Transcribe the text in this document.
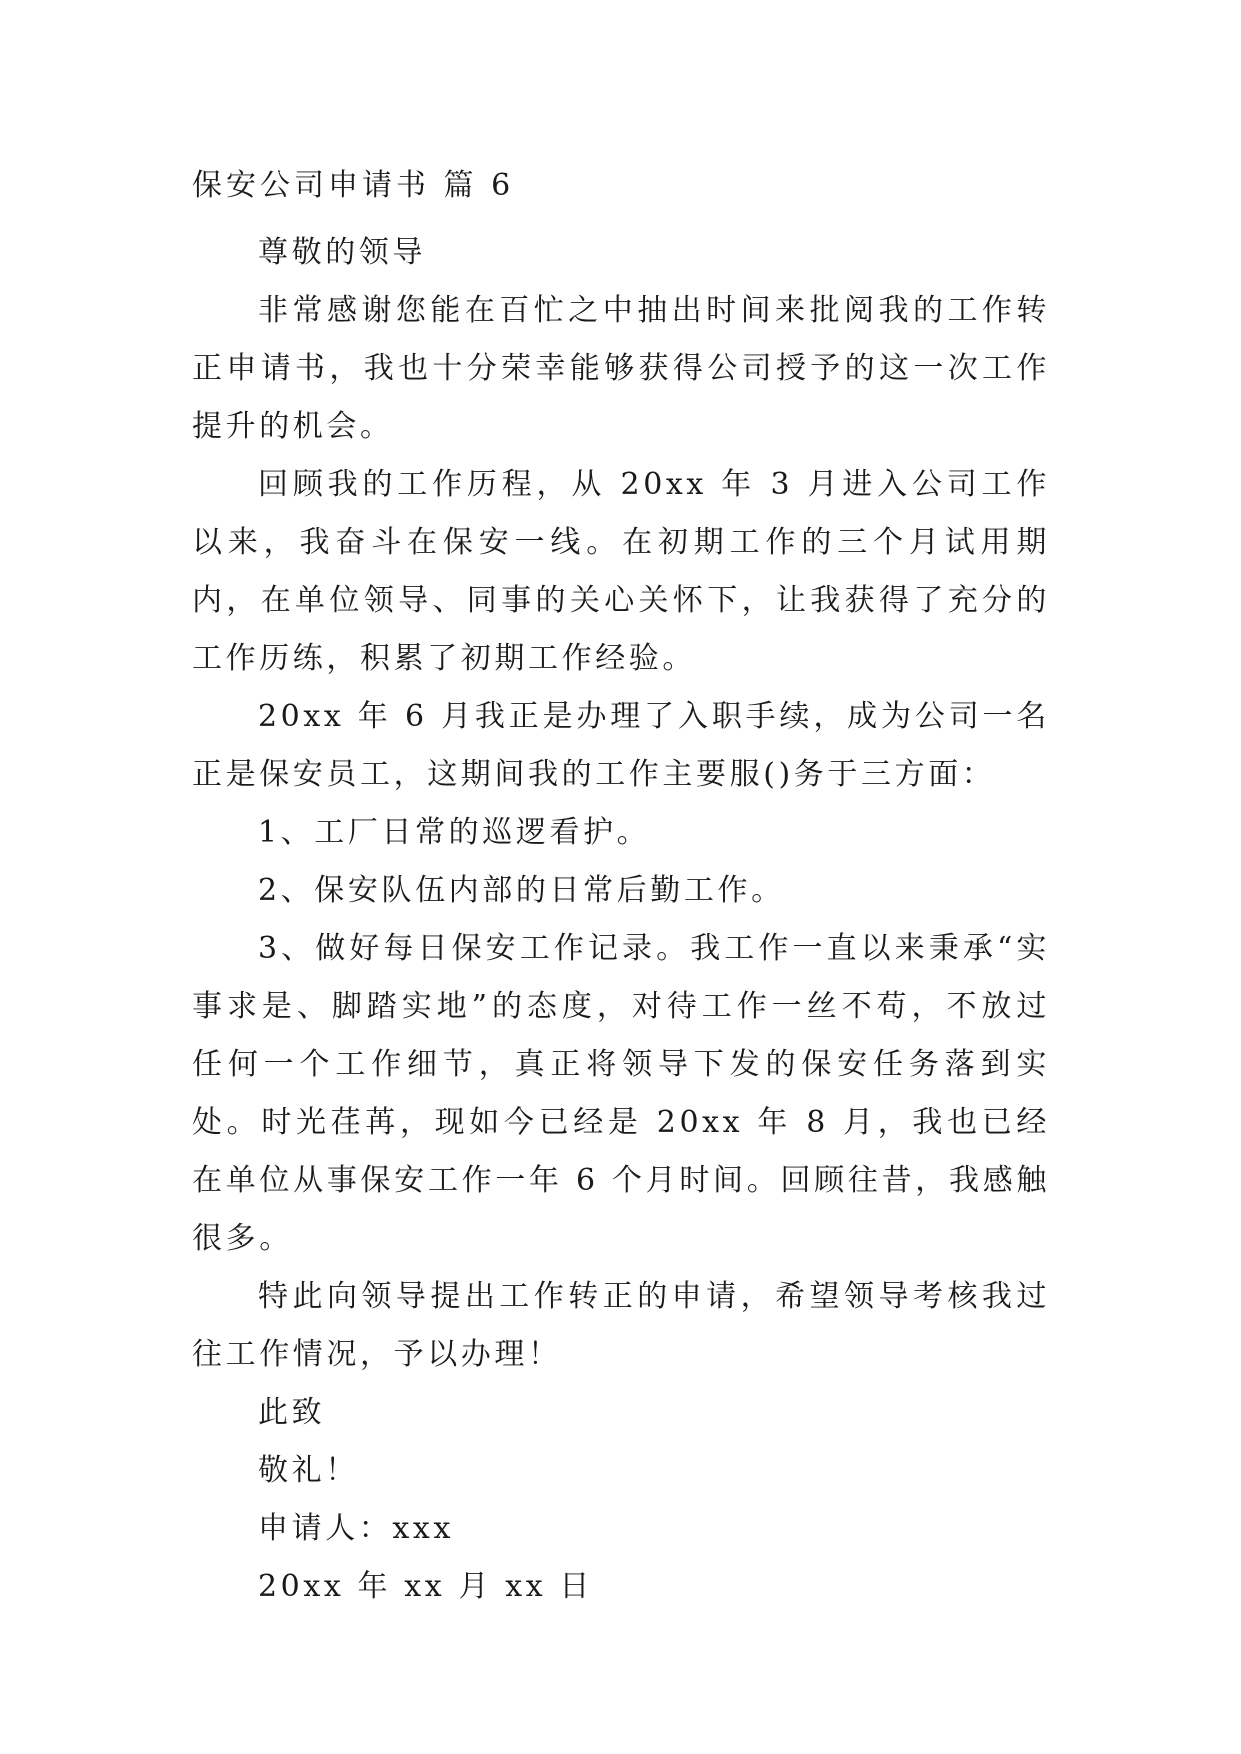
保安公司申请书 篇 6

尊敬的领导

非常感谢您能在百忙之中抽出时间来批阅我的工作转正申请书，我也十分荣幸能够获得公司授予的这一次工作提升的机会。

回顾我的工作历程，从 20xx 年 3 月进入公司工作以来，我奋斗在保安一线。在初期工作的三个月试用期内，在单位领导、同事的关心关怀下，让我获得了充分的工作历练，积累了初期工作经验。

20xx 年 6 月我正是办理了入职手续，成为公司一名正是保安员工，这期间我的工作主要服()务于三方面：

1、工厂日常的巡逻看护。

2、保安队伍内部的日常后勤工作。

3、做好每日保安工作记录。我工作一直以来秉承“实事求是、脚踏实地”的态度，对待工作一丝不苟，不放过任何一个工作细节，真正将领导下发的保安任务落到实处。时光荏苒，现如今已经是 20xx 年 8 月，我也已经在单位从事保安工作一年 6 个月时间。回顾往昔，我感触很多。

特此向领导提出工作转正的申请，希望领导考核我过往工作情况，予以办理！

此致

敬礼！

申请人：xxx

20xx 年 xx 月 xx 日
